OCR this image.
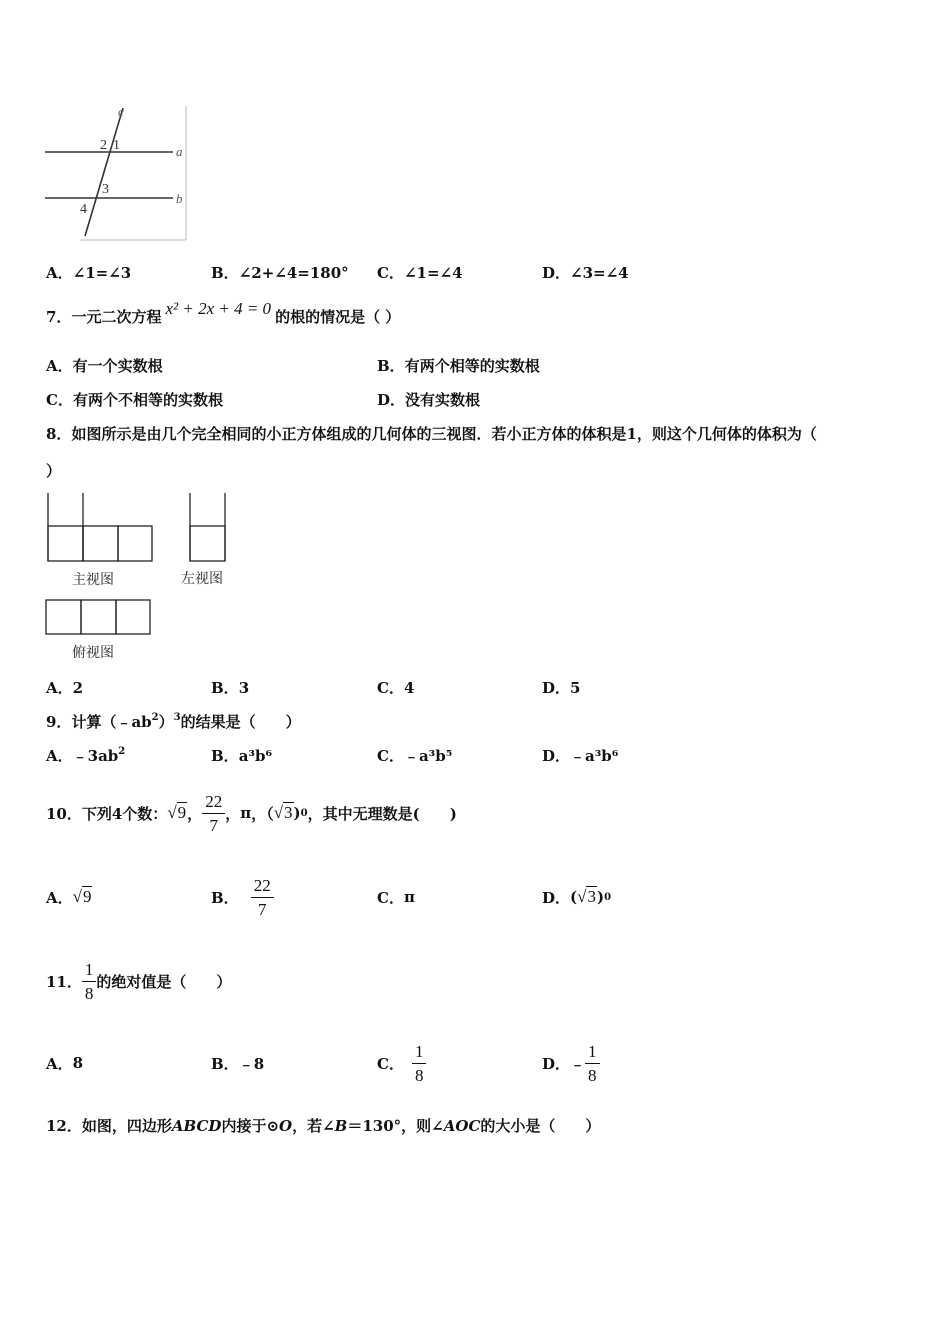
c
a
b
2 1
3
4
A．∠1=∠3	B．∠2+∠4=180° C．∠1=∠4	D．∠3=∠4
7．一元二次方程 x² + 2x + 4 = 0 的根的情况是（ ）
A．有一个实数根	B．有两个相等的实数根
C．有两个不相等的实数根	D．没有实数根
8．如图所示是由几个完全相同的小正方体组成的几何体的三视图．若小正方体的体积是1，则这个几何体的体积为（
）
主视图	左视图
俯视图
A．2	B．3	C．4	D．5
9．计算$(﹣ab^2)^3$的结果是（　　）
A．$﹣3ab^2$	B．a³b⁶	C．﹣a³b⁵	D．﹣a³b⁶
10． 下列4个数： √9 ， $\frac{22}{7}$ ， π ，（ √3 ) 0 ，其中无理数是(　　)
A． √9	B． $\frac{22}{7}$	C． π	D． ( √3 ) 0
11． $\frac{1}{8}$ 的绝对值是（　　）
A． 8	B． ﹣8	C． $\frac{1}{8}$	D． ﹣ $\frac{1}{8}$
12．如图，四边形ABCD内接于⊙O，若∠B＝130°，则∠AOC的大小是（　　）
